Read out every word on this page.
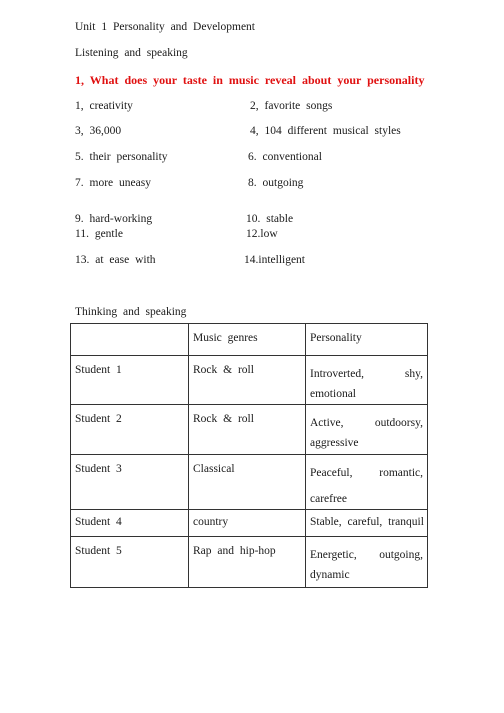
Unit 1 Personality and Development
Listening and speaking
1, What does your taste in music reveal about your personality
1, creativity	2, favorite songs
3, 36,000	4, 104 different musical styles
5. their personality	6. conventional
7. more uneasy	8. outgoing
9. hard-working	10. stable
11. gentle	12.low
13. at ease with	14.intelligent
Thinking and speaking

	Music genres	Personality

Student 1	Rock & roll	Introverted, shy,
emotional

Student 2	Rock & roll	Active, outdoorsy,
aggressive

Student 3	Classical	Peaceful, romantic,
carefree

Student 4	country	Stable, careful, tranquil

Student 5	Rap and hip-hop	Energetic, outgoing,
dynamic
